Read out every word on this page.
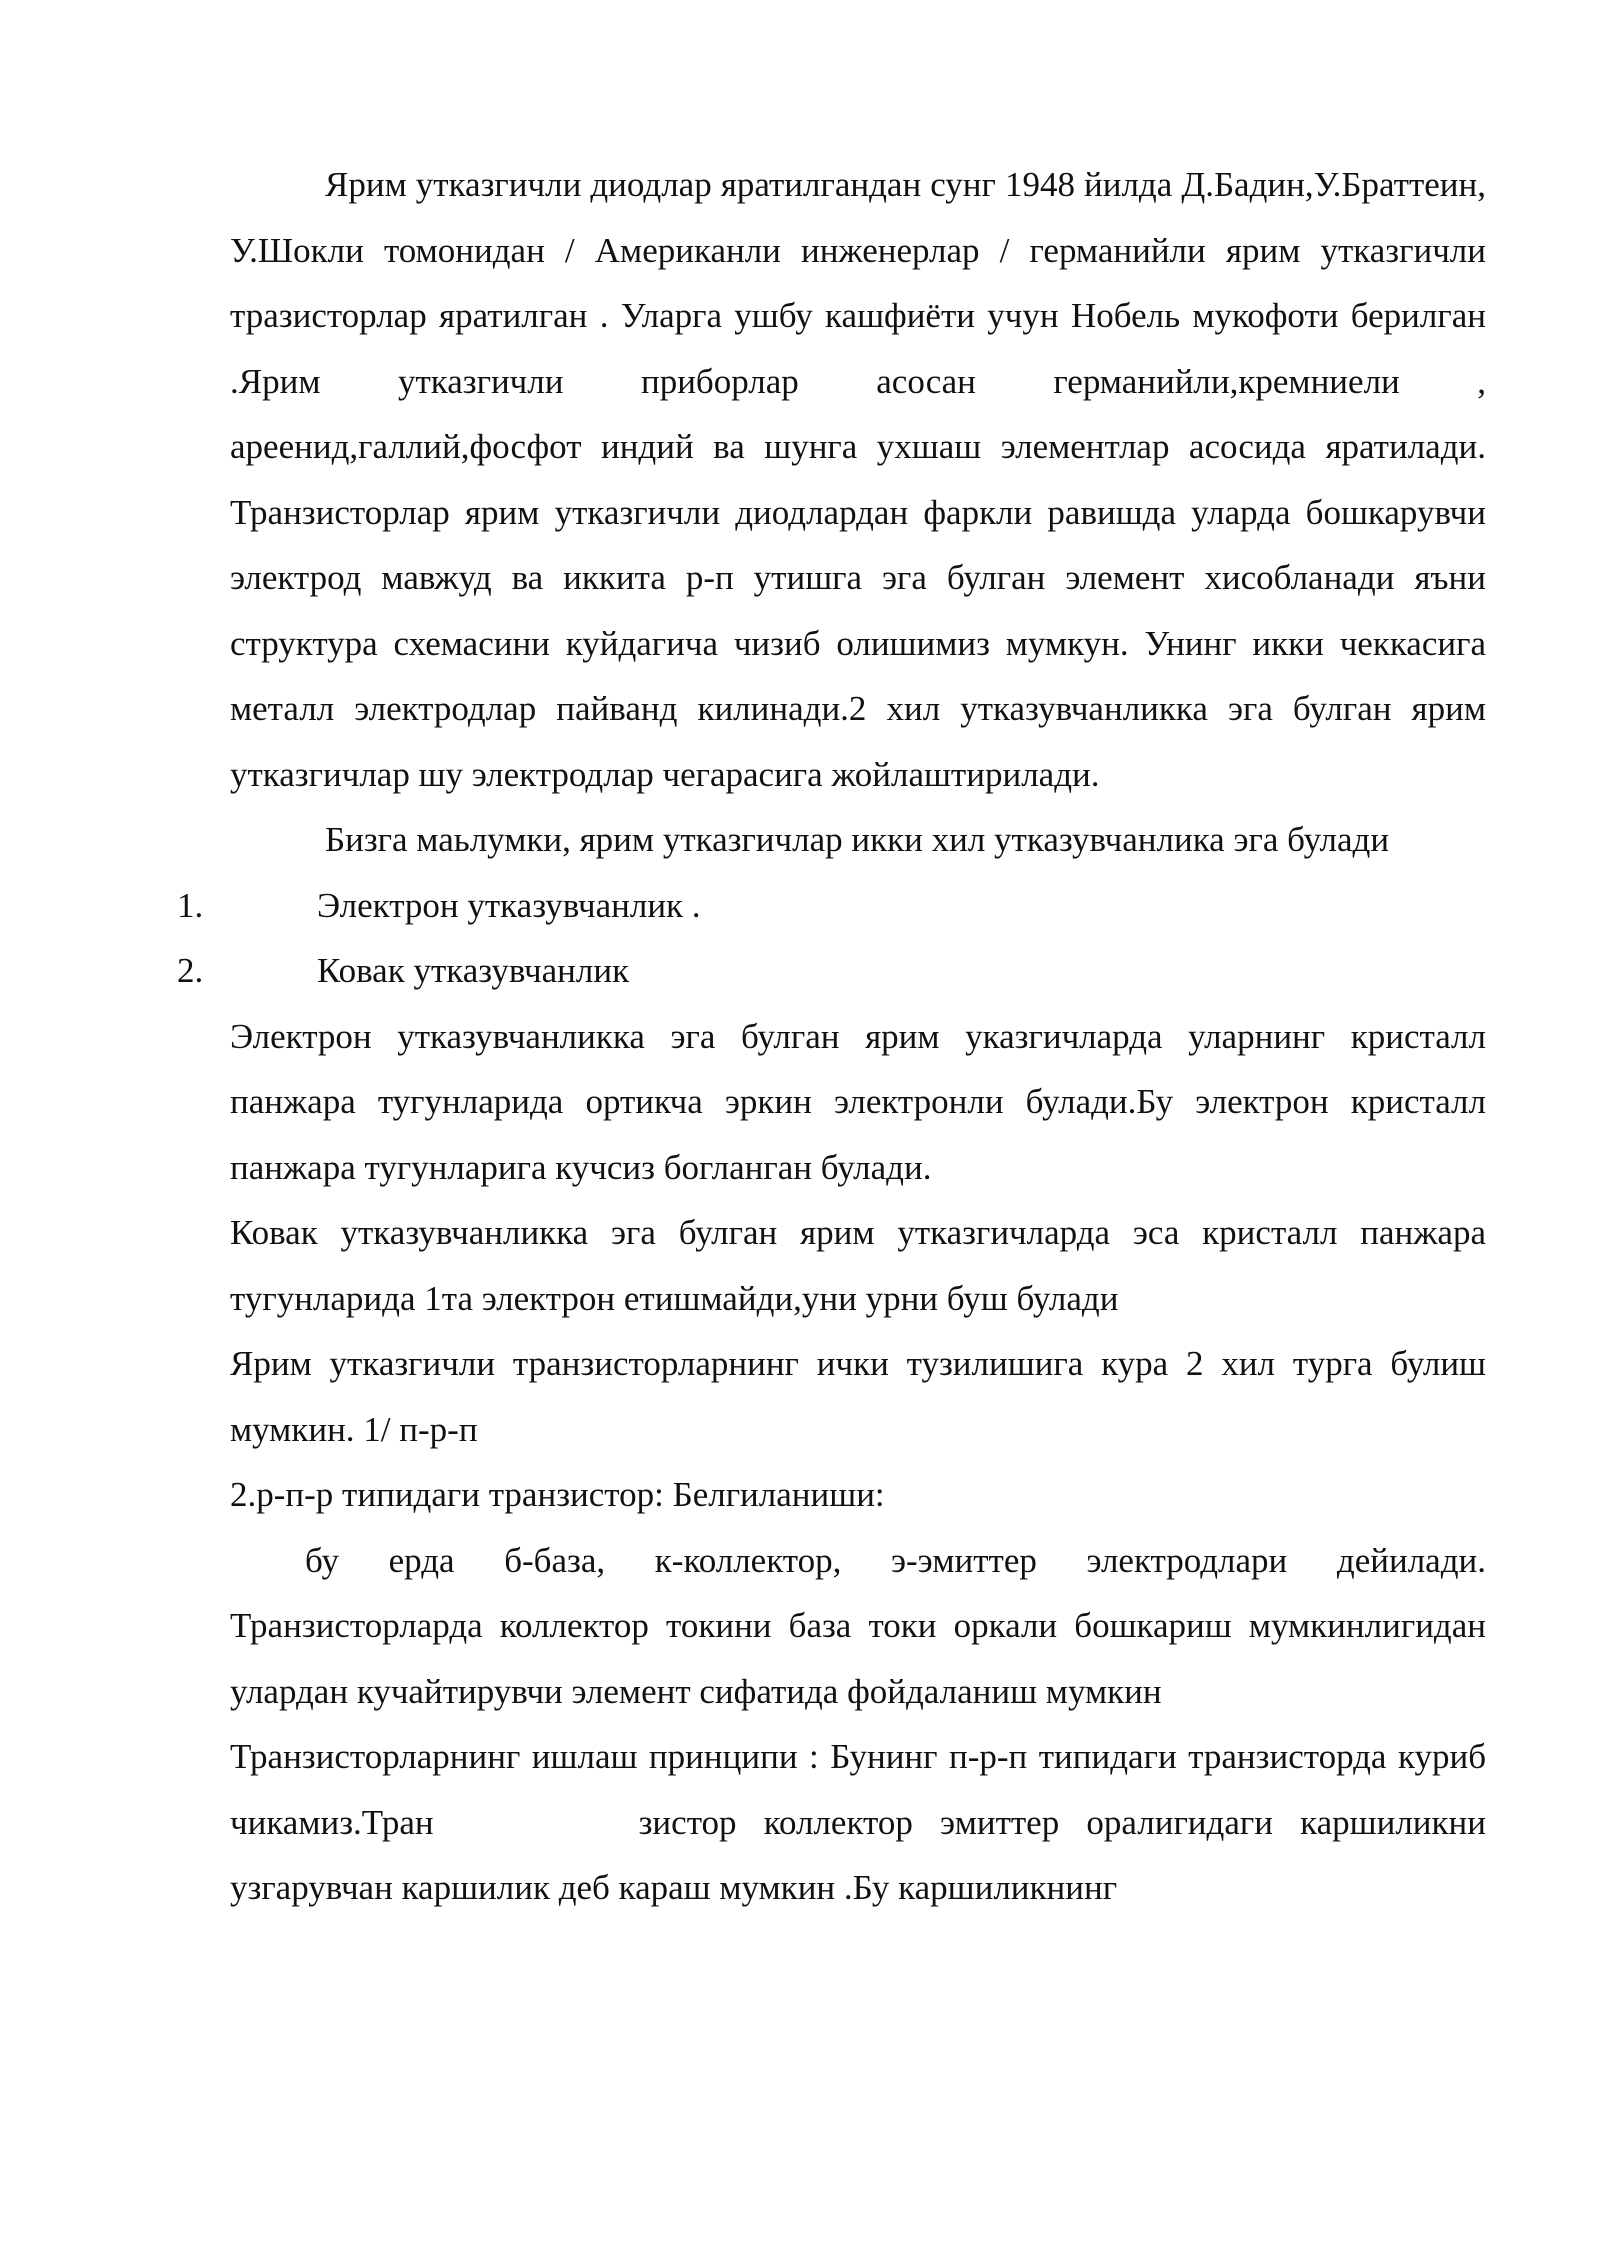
Ярим утказгичли диодлар яратилгандан сунг 1948 йилда Д.Бадин,У.Браттеин, У.Шокли томонидан / Американли инженерлар / германийли ярим утказгичли тразисторлар яратилган . Уларга ушбу кашфиёти учун Нобель мукофоти берилган .Ярим утказгичли приборлар асосан германийли,кремниели , ареенид,галлий,фосфот индий ва шунга ухшаш элементлар асосида яратилади. Транзисторлар ярим утказгичли диодлардан фаркли равишда уларда бошкарувчи электрод мавжуд ва иккита р-п утишга эга булган элемент хисобланади яъни структура схемасини куйдагича чизиб олишимиз мумкун. Унинг икки чеккасига металл электродлар пайванд килинади.2 хил утказувчанликка эга булган ярим утказгичлар шу электродлар чегарасига жойлаштирилади.

Бизга маьлумки, ярим утказгичлар икки хил утказувчанлика эга булади

1.	Электрон утказувчанлик .
2.	Ковак утказувчанлик

Электрон утказувчанликка эга булган ярим указгичларда уларнинг кристалл панжара тугунларида ортикча эркин электронли булади.Бу электрон кристалл панжара тугунларига кучсиз богланган булади.

Ковак утказувчанликка эга булган ярим утказгичларда эса кристалл панжара тугунларида 1та электрон етишмайди,уни урни буш булади

Ярим утказгичли транзисторларнинг ички тузилишига кура 2 хил турга булиш мумкин. 1/ п-р-п

2.р-п-р типидаги транзистор: Белгиланиши:

бу ерда б-база, к-коллектор, э-эмиттер электродлари дейилади. Транзисторларда коллектор токини база токи оркали бошкариш мумкинлигидан улардан кучайтирувчи элемент сифатида фойдаланиш мумкин

Транзисторларнинг ишлаш принципи : Бунинг п-р-п типидаги транзисторда куриб чикамиз.Тран	зистор коллектор эмиттер оралигидаги каршиликни узгарувчан каршилик деб караш мумкин .Бу каршиликнинг
